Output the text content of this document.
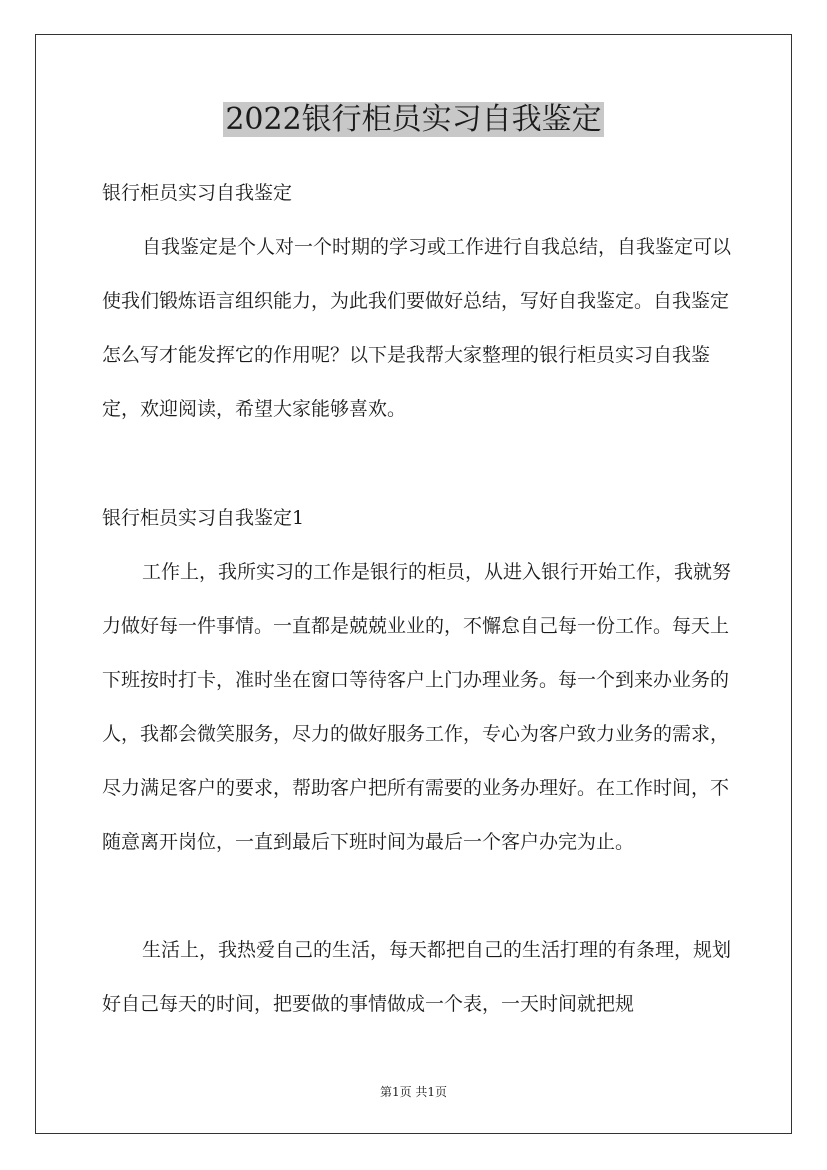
2022银行柜员实习自我鉴定

银行柜员实习自我鉴定

自我鉴定是个人对一个时期的学习或工作进行自我总结，自我鉴定可以使我们锻炼语言组织能力，为此我们要做好总结，写好自我鉴定。自我鉴定怎么写才能发挥它的作用呢？以下是我帮大家整理的银行柜员实习自我鉴定，欢迎阅读，希望大家能够喜欢。

银行柜员实习自我鉴定1

工作上，我所实习的工作是银行的柜员，从进入银行开始工作，我就努力做好每一件事情。一直都是兢兢业业的，不懈怠自己每一份工作。每天上下班按时打卡，准时坐在窗口等待客户上门办理业务。每一个到来办业务的人，我都会微笑服务，尽力的做好服务工作，专心为客户致力业务的需求，尽力满足客户的要求，帮助客户把所有需要的业务办理好。在工作时间，不随意离开岗位，一直到最后下班时间为最后一个客户办完为止。

生活上，我热爱自己的生活，每天都把自己的生活打理的有条理，规划好自己每天的时间，把要做的事情做成一个表，一天时间就把规

第1页 共1页
